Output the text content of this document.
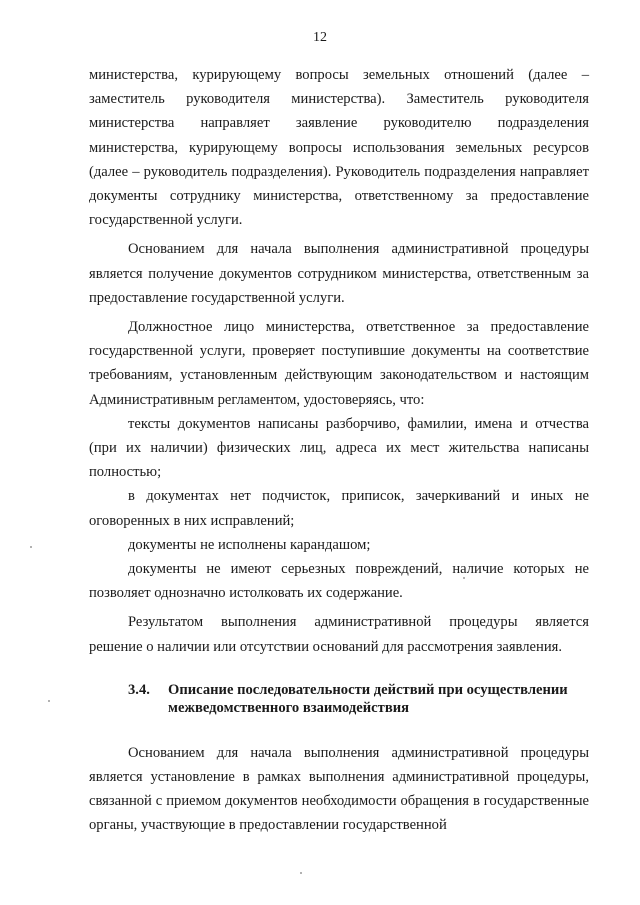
12

министерства, курирующему вопросы земельных отношений (далее – заместитель руководителя министерства). Заместитель руководителя министерства направляет заявление руководителю подразделения министерства, курирующему вопросы использования земельных ресурсов (далее – руководитель подразделения). Руководитель подразделения направляет документы сотруднику министерства, ответственному за предоставление государственной услуги.

Основанием для начала выполнения административной процедуры является получение документов сотрудником министерства, ответственным за предоставление государственной услуги.

Должностное лицо министерства, ответственное за предоставление государственной услуги, проверяет поступившие документы на соответствие требованиям, установленным действующим законодательством и настоящим Административным регламентом, удостоверяясь, что:

тексты документов написаны разборчиво, фамилии, имена и отчества (при их наличии) физических лиц, адреса их мест жительства написаны полностью;

в документах нет подчисток, приписок, зачеркиваний и иных не оговоренных в них исправлений;

документы не исполнены карандашом;

документы не имеют серьезных повреждений, наличие которых не позволяет однозначно истолковать их содержание.

Результатом выполнения административной процедуры является решение о наличии или отсутствии оснований для рассмотрения заявления.

3.4.	Описание последовательности действий при осуществлении межведомственного взаимодействия

Основанием для начала выполнения административной процедуры является установление в рамках выполнения административной процедуры, связанной с приемом документов необходимости обращения в государственные органы, участвующие в предоставлении государственной
